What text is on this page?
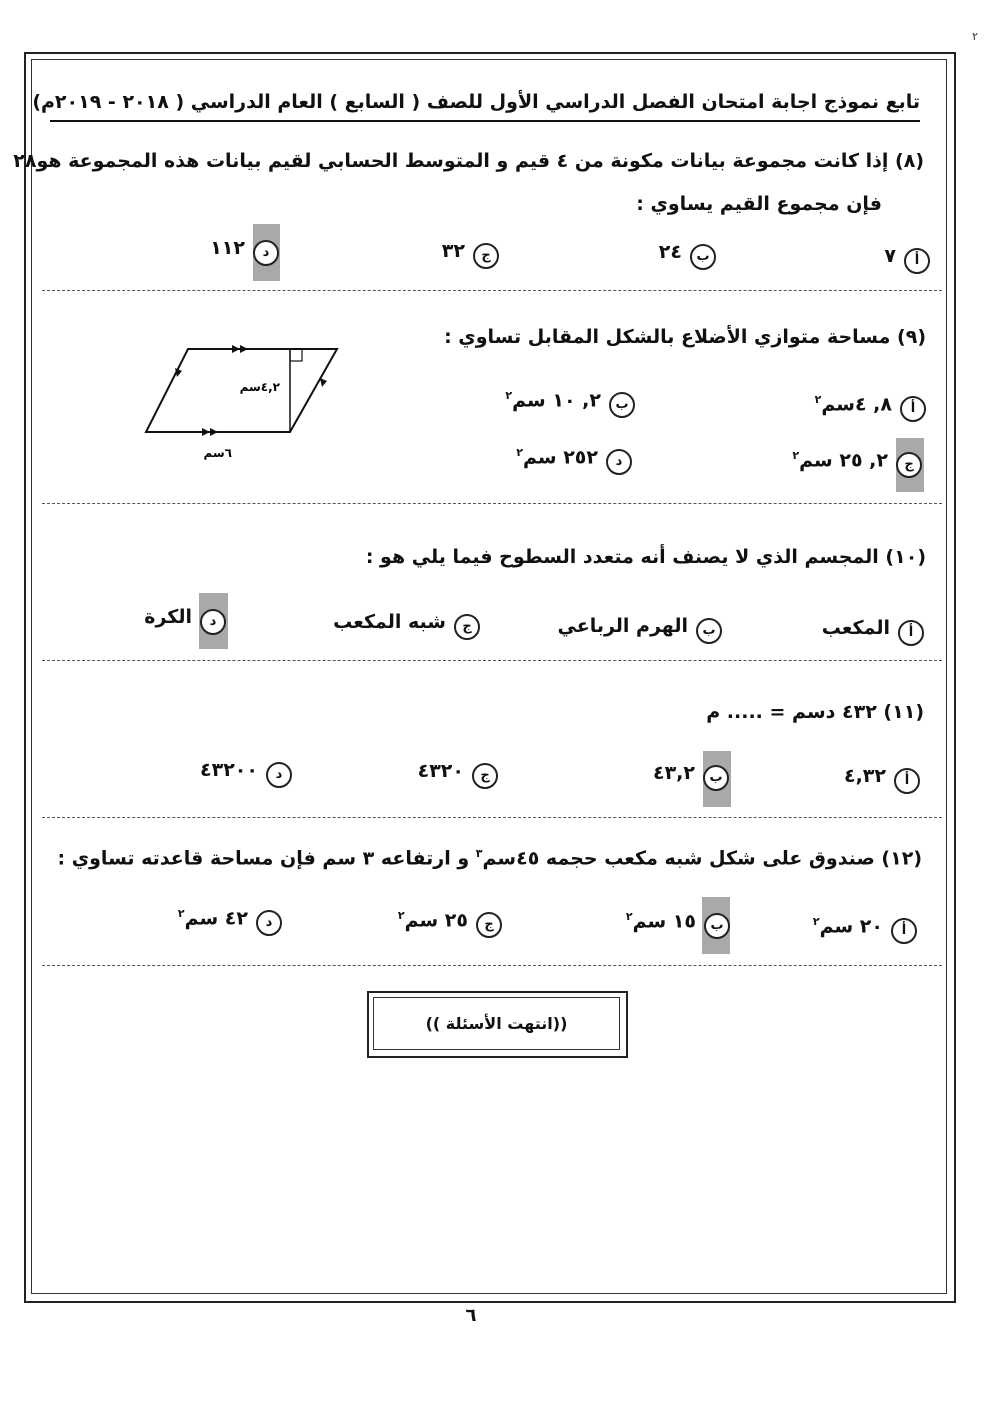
٢
تابع نموذج اجابة امتحان الفصل الدراسي الأول للصف ( السابع ) العام الدراسي ( ٢٠١٨ - ٢٠١٩م)
(٨) إذا كانت مجموعة بيانات مكونة من ٤ قيم و المتوسط الحسابي لقيم بيانات هذه المجموعة هو٢٨
فإن مجموع القيم يساوي :
أ
٧
ب
٢٤
ج
٣٢
د
١١٢
(٩) مساحة متوازي الأضلاع بالشكل المقابل تساوي :
أ
٨, ٤سم$^٢$
ب
٢, ١٠ سم$^٢$
ج
٢, ٢٥ سم$^٢$
د
٢٥٢ سم$^٢$
٤,٢سم
٦سم
(١٠) المجسم الذي لا يصنف أنه متعدد السطوح فيما يلي هو :
أ
المكعب
ب
الهرم الرباعي
ج
شبه المكعب
د
الكرة
(١١) ٤٣٢ دسم = ..... م
أ
٤,٣٢
ب
٤٣,٢
ج
٤٣٢٠
د
٤٣٢٠٠
(١٢) صندوق على شكل شبه مكعب حجمه ٤٥سم$^٣$ و ارتفاعه ٣ سم فإن مساحة قاعدته تساوي :
أ
٢٠ سم$^٢$
ب
١٥ سم$^٢$
ج
٢٥ سم$^٢$
د
٤٢ سم$^٢$
((انتهت الأسئلة ))
٦
